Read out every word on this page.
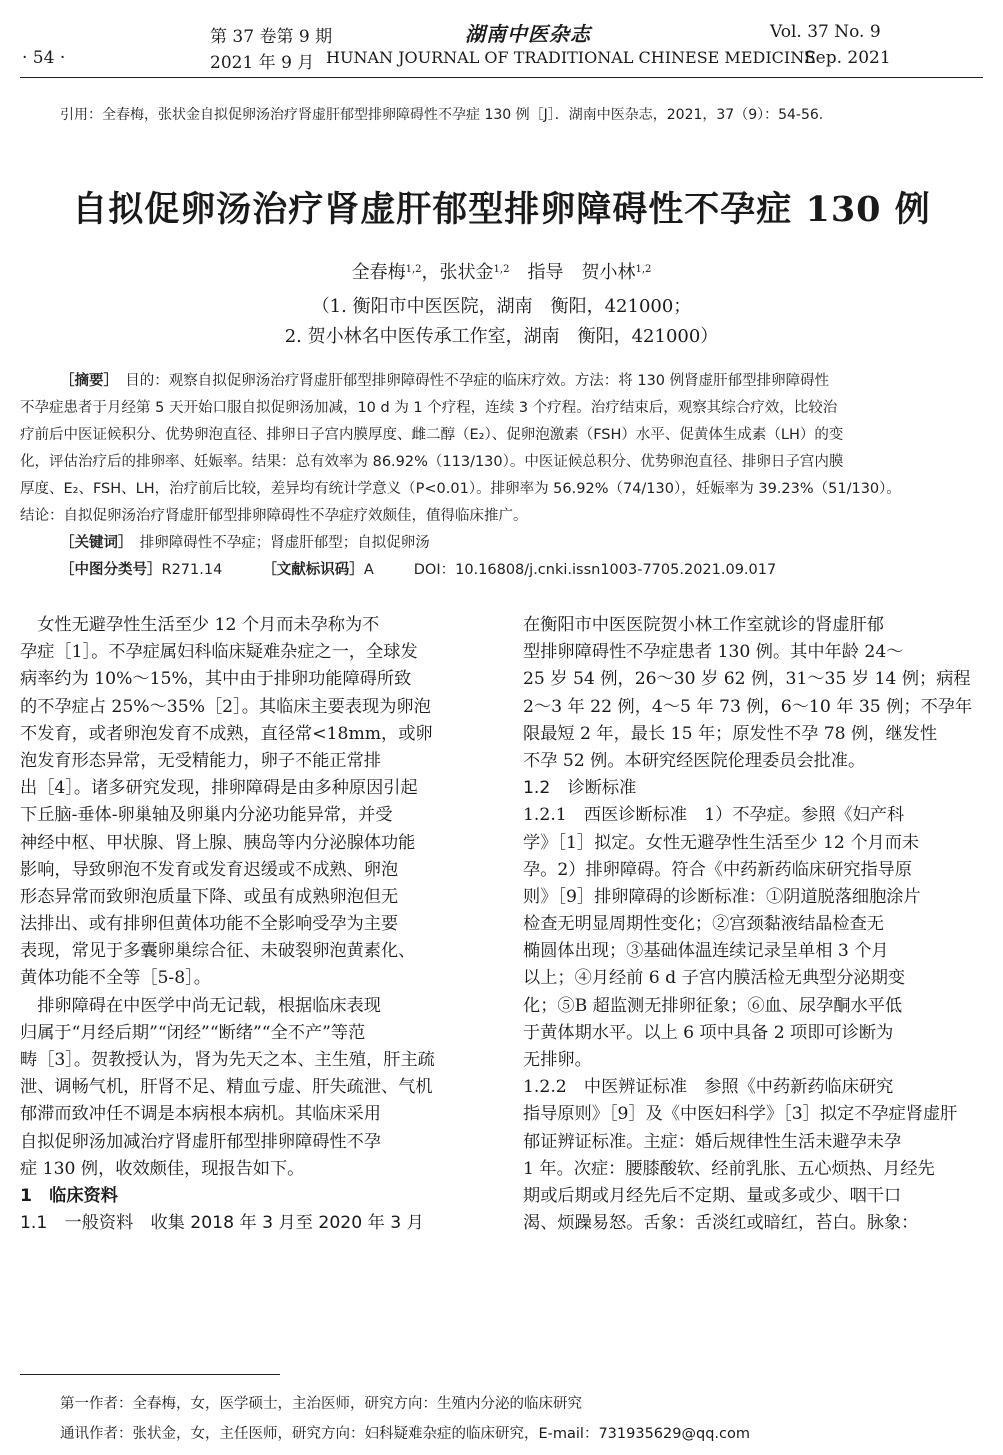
· 54 ·
第 37 卷第 9 期
2021 年 9 月
湖南中医杂志
HUNAN JOURNAL OF TRADITIONAL CHINESE MEDICINE
Vol. 37 No. 9
Sep. 2021
引用：全春梅，张状金自拟促卵汤治疗肾虚肝郁型排卵障碍性不孕症 130 例［J］．湖南中医杂志，2021，37（9）：54-56.
自拟促卵汤治疗肾虚肝郁型排卵障碍性不孕症 130 例
全春梅$^{1,2}$，张状金$^{1,2}$　 指导　贺小林$^{1,2}$
（1. 衡阳市中医医院，湖南　衡阳，421000；
2. 贺小林名中医传承工作室，湖南　衡阳，421000）
［摘要］　 目的：观察自拟促卵汤治疗肾虚肝郁型排卵障碍性不孕症的临床疗效。方法：将 130 例肾虚肝郁型排卵障碍性
不孕症患者于月经第 5 天开始口服自拟促卵汤加减，10 d 为 1 个疗程，连续 3 个疗程。治疗结束后，观察其综合疗效，比较治
疗前后中医证候积分、优势卵泡直径、排卵日子宫内膜厚度、雌二醇（E₂）、促卵泡激素（FSH）水平、促黄体生成素（LH）的变
化，评估治疗后的排卵率、妊娠率。结果：总有效率为 86.92%（113/130）。中医证候总积分、优势卵泡直径、排卵日子宫内膜
厚度、E₂、FSH、LH，治疗前后比较，差异均有统计学意义（P<0.01）。排卵率为 56.92%（74/130），妊娠率为 39.23%（51/130）。
结论：自拟促卵汤治疗肾虚肝郁型排卵障碍性不孕症疗效颇佳，值得临床推广。
［关键词］　 排卵障碍性不孕症；肾虚肝郁型；自拟促卵汤
［中图分类号］R271.14	［文献标识码］A	DOI：10.16808/j.cnki.issn1003-7705.2021.09.017
　女性无避孕性生活至少 12 个月而未孕称为不
孕症［1］。不孕症属妇科临床疑难杂症之一，全球发
病率约为 10%～15%，其中由于排卵功能障碍所致
的不孕症占 25%～35%［2］。其临床主要表现为卵泡
不发育，或者卵泡发育不成熟，直径常<18mm，或卵
泡发育形态异常，无受精能力，卵子不能正常排
出［4］。诸多研究发现，排卵障碍是由多种原因引起
下丘脑-垂体-卵巢轴及卵巢内分泌功能异常，并受
神经中枢、甲状腺、肾上腺、胰岛等内分泌腺体功能
影响，导致卵泡不发育或发育迟缓或不成熟、卵泡
形态异常而致卵泡质量下降、或虽有成熟卵泡但无
法排出、或有排卵但黄体功能不全影响受孕为主要
表现，常见于多囊卵巢综合征、未破裂卵泡黄素化、
黄体功能不全等［5-8］。
　排卵障碍在中医学中尚无记载，根据临床表现
归属于“月经后期”“闭经”“断绪”“全不产”等范
畴［3］。贺教授认为，肾为先天之本、主生殖，肝主疏
泄、调畅气机，肝肾不足、精血亏虚、肝失疏泄、气机
郁滞而致冲任不调是本病根本病机。其临床采用
自拟促卵汤加减治疗肾虚肝郁型排卵障碍性不孕
症 130 例，收效颇佳，现报告如下。
1　临床资料
1.1　一般资料　收集 2018 年 3 月至 2020 年 3 月
在衡阳市中医医院贺小林工作室就诊的肾虚肝郁
型排卵障碍性不孕症患者 130 例。其中年龄 24～
25 岁 54 例，26～30 岁 62 例，31～35 岁 14 例；病程
2～3 年 22 例，4～5 年 73 例，6～10 年 35 例；不孕年
限最短 2 年，最长 15 年；原发性不孕 78 例，继发性
不孕 52 例。本研究经医院伦理委员会批准。
1.2　诊断标准
1.2.1　西医诊断标准　1）不孕症。参照《妇产科
学》［1］拟定。女性无避孕性生活至少 12 个月而未
孕。2）排卵障碍。符合《中药新药临床研究指导原
则》［9］排卵障碍的诊断标准：①阴道脱落细胞涂片
检查无明显周期性变化；②宫颈黏液结晶检查无
椭圆体出现；③基础体温连续记录呈单相 3 个月
以上；④月经前 6 d 子宫内膜活检无典型分泌期变
化；⑤B 超监测无排卵征象；⑥血、尿孕酮水平低
于黄体期水平。以上 6 项中具备 2 项即可诊断为
无排卵。
1.2.2　中医辨证标准　参照《中药新药临床研究
指导原则》［9］及《中医妇科学》［3］拟定不孕症肾虚肝
郁证辨证标准。主症：婚后规律性生活未避孕未孕
1 年。次症：腰膝酸软、经前乳胀、五心烦热、月经先
期或后期或月经先后不定期、量或多或少、咽干口
渴、烦躁易怒。舌象：舌淡红或暗红，苔白。脉象：
第一作者：全春梅，女，医学硕士，主治医师，研究方向：生殖内分泌的临床研究
通讯作者：张状金，女，主任医师，研究方向：妇科疑难杂症的临床研究，E-mail：731935629@qq.com
